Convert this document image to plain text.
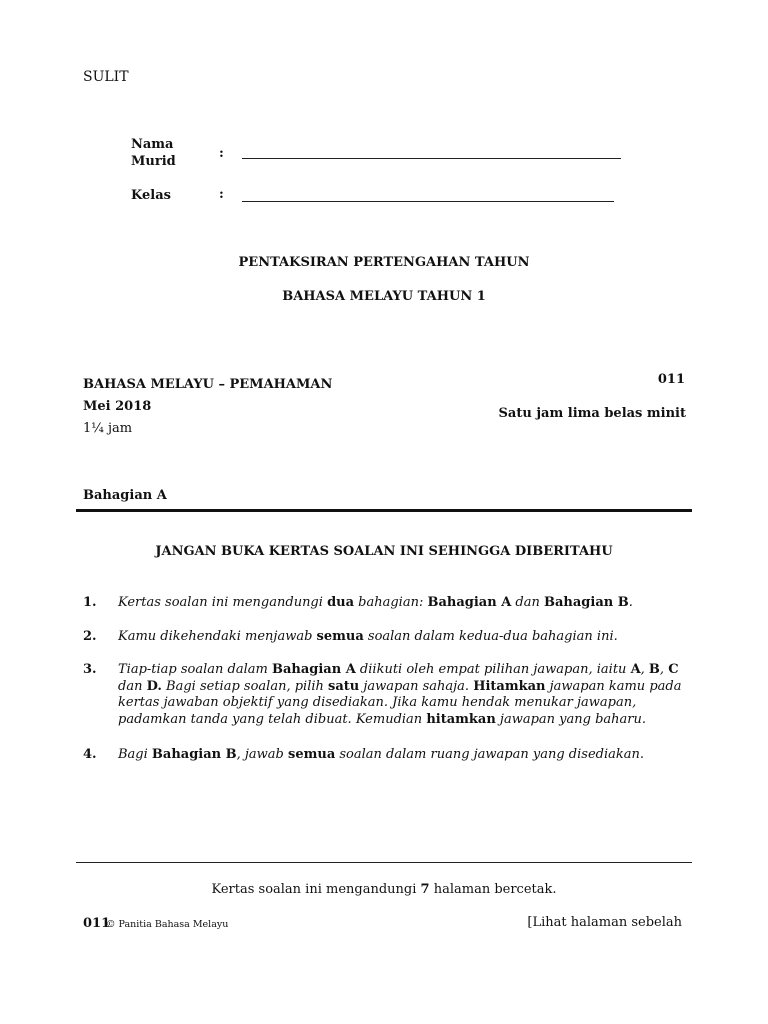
SULIT
Nama Murid
:
Kelas	:
PENTAKSIRAN PERTENGAHAN TAHUN
BAHASA MELAYU TAHUN 1
BAHASA MELAYU – PEMAHAMAN
Mei 2018
1¼ jam
011
Satu jam lima belas minit
Bahagian A
JANGAN BUKA KERTAS SOALAN INI SEHINGGA DIBERITAHU
1. Kertas soalan ini mengandungi dua bahagian: Bahagian A dan Bahagian B.
2. Kamu dikehendaki menjawab semua soalan dalam kedua-dua bahagian ini.
3. Tiap-tiap soalan dalam Bahagian A diikuti oleh empat pilihan jawapan, iaitu A, B, C dan D. Bagi setiap soalan, pilih satu jawapan sahaja. Hitamkan jawapan kamu pada kertas jawaban objektif yang disediakan. Jika kamu hendak menukar jawapan, padamkan tanda yang telah dibuat. Kemudian hitamkan jawapan yang baharu.
4. Bagi Bahagian B, jawab semua soalan dalam ruang jawapan yang disediakan.
Kertas soalan ini mengandungi 7 halaman bercetak.
011
© Panitia Bahasa Melayu	[Lihat halaman sebelah
